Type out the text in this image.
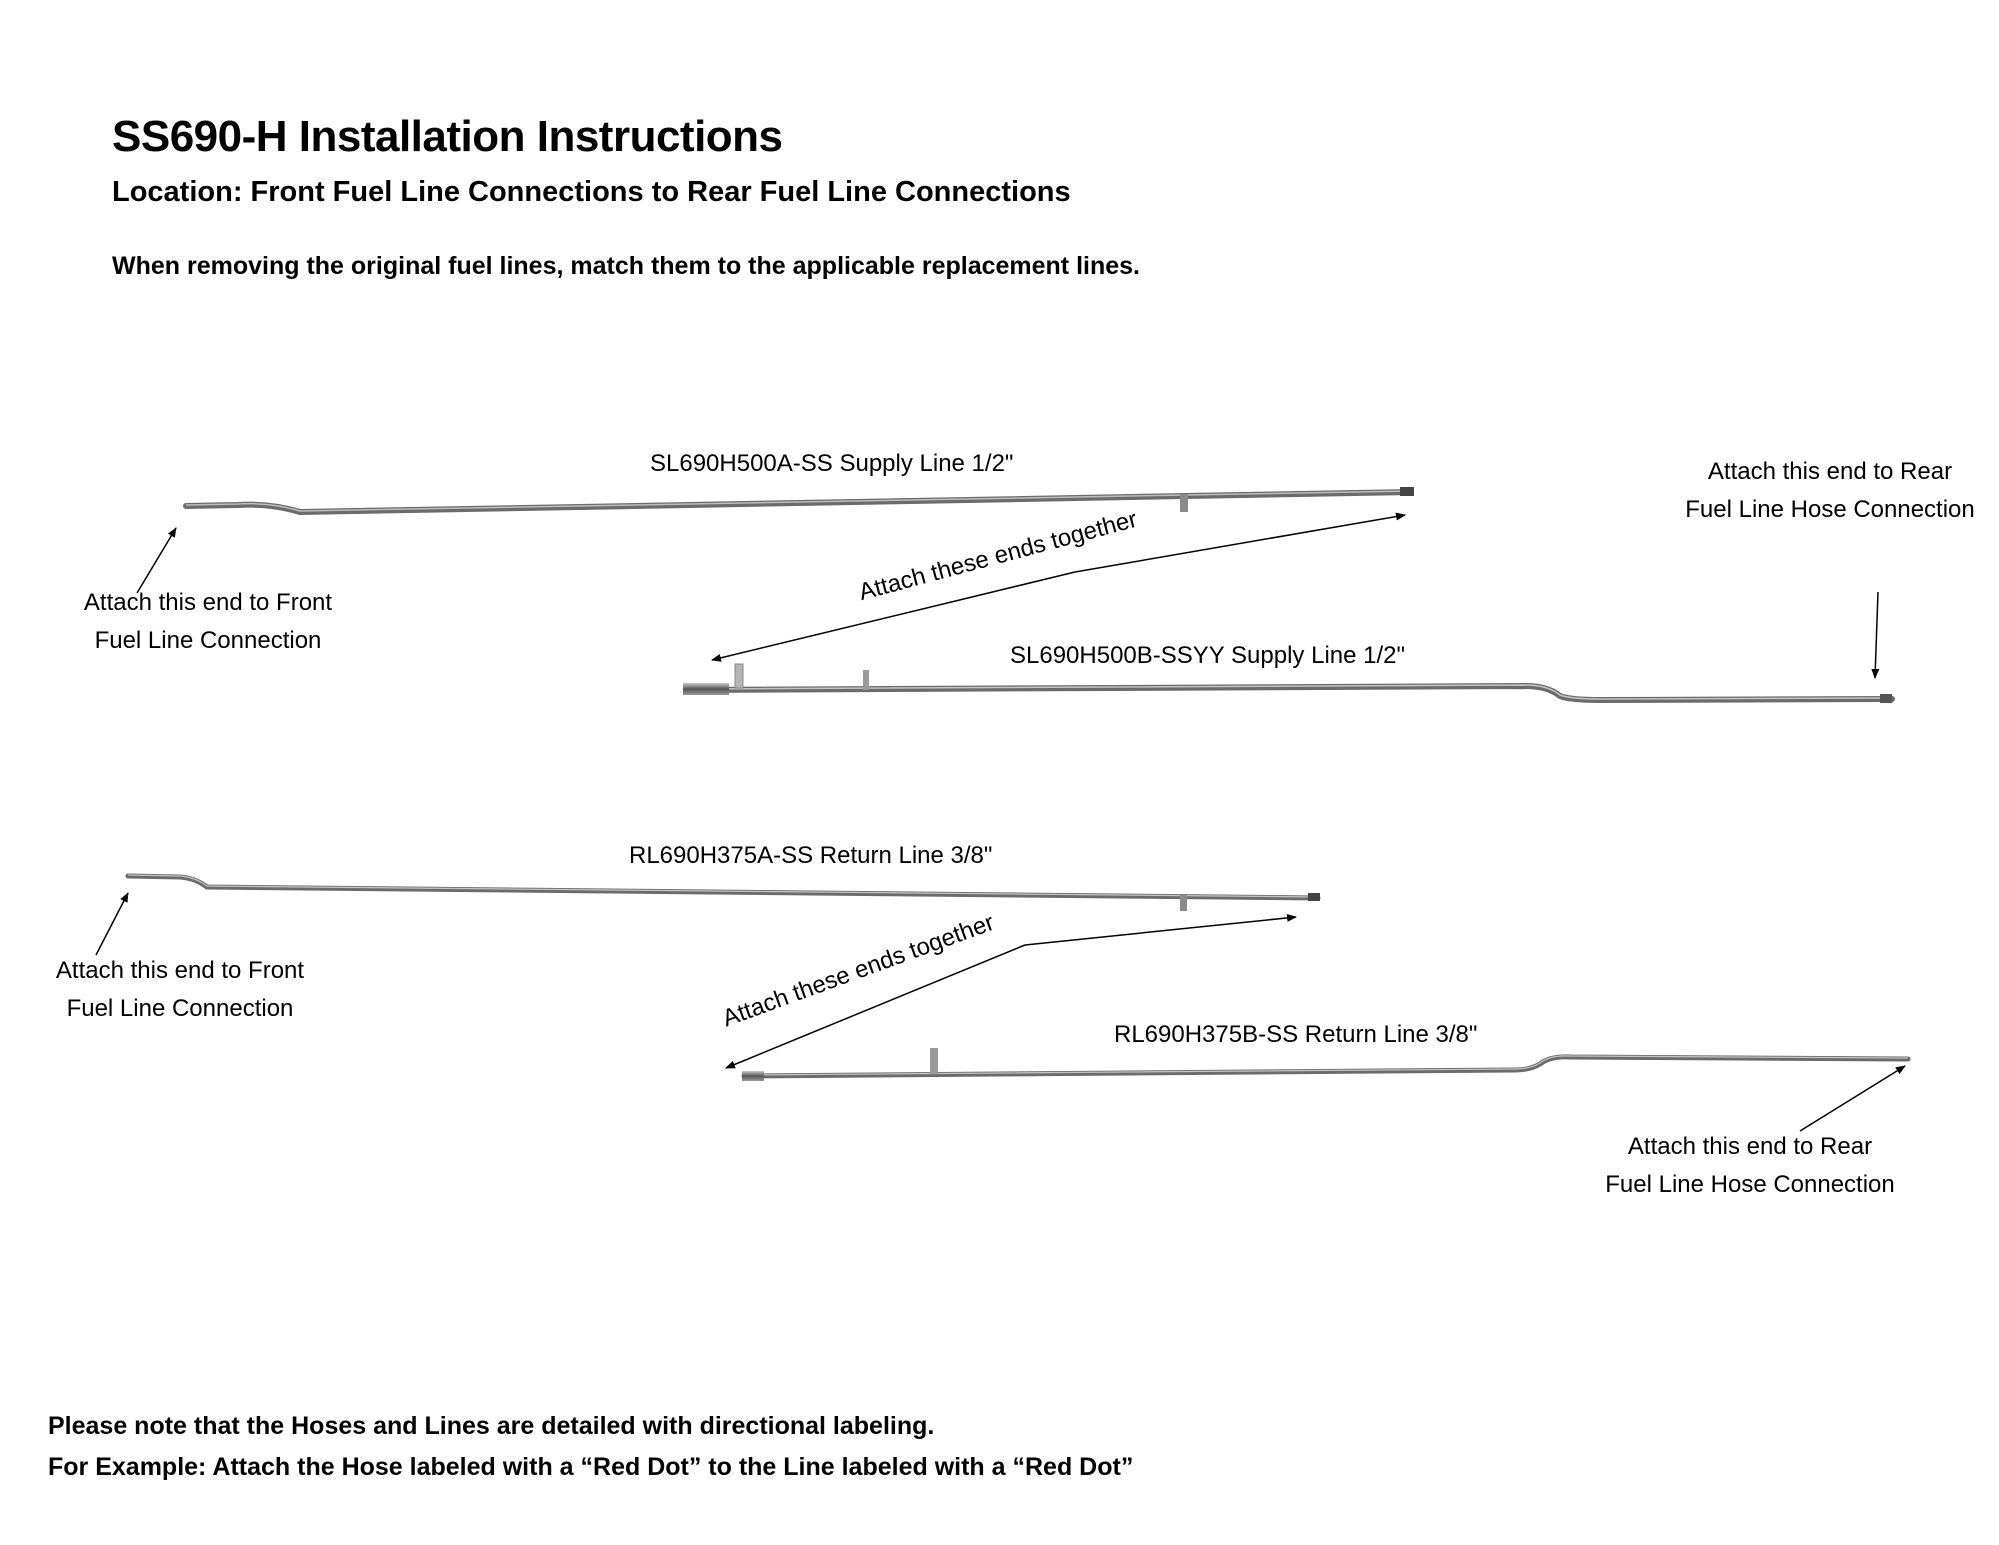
SS690-H Installation Instructions
Location: Front Fuel Line Connections to Rear Fuel Line Connections
When removing the original fuel lines, match them to the applicable replacement lines.
SL690H500A-SS Supply Line 1/2"
SL690H500B-SSYY Supply Line 1/2"
RL690H375A-SS Return Line 3/8"
RL690H375B-SS Return Line 3/8"
Attach this end to Front
Fuel Line Connection
Attach this end to Rear
Fuel Line Hose Connection
Attach this end to Front
Fuel Line Connection
Attach this end to Rear
Fuel Line Hose Connection
Attach these ends together
Attach these ends together
Please note that the Hoses and Lines are detailed with directional labeling.
For Example: Attach the Hose labeled with a “Red Dot” to the Line labeled with a “Red Dot”
